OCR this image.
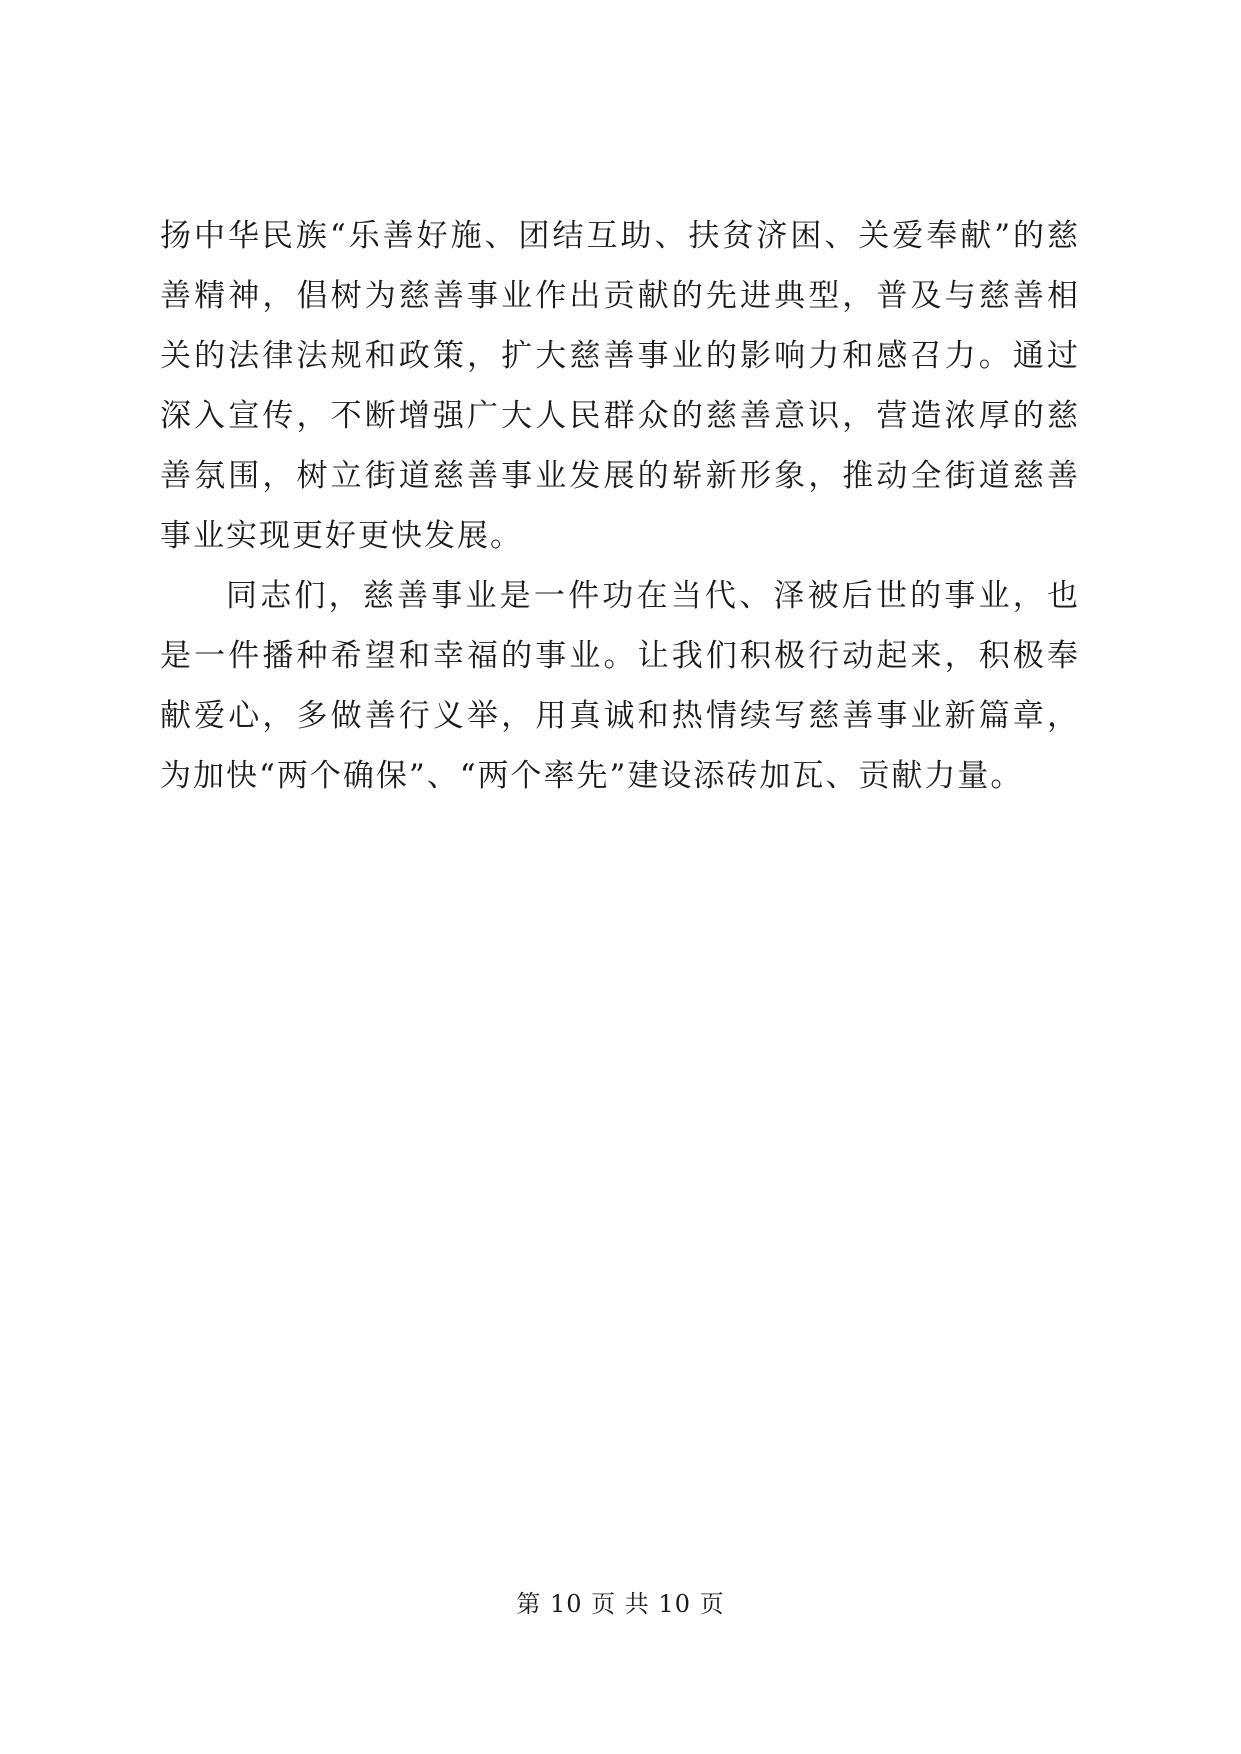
扬中华民族“乐善好施、团结互助、扶贫济困、关爱奉献”的慈善精神，倡树为慈善事业作出贡献的先进典型，普及与慈善相关的法律法规和政策，扩大慈善事业的影响力和感召力。通过深入宣传，不断增强广大人民群众的慈善意识，营造浓厚的慈善氛围，树立街道慈善事业发展的崭新形象，推动全街道慈善事业实现更好更快发展。

同志们，慈善事业是一件功在当代、泽被后世的事业，也是一件播种希望和幸福的事业。让我们积极行动起来，积极奉献爱心，多做善行义举，用真诚和热情续写慈善事业新篇章，为加快“两个确保”、“两个率先”建设添砖加瓦、贡献力量。

第 10 页 共 10 页
